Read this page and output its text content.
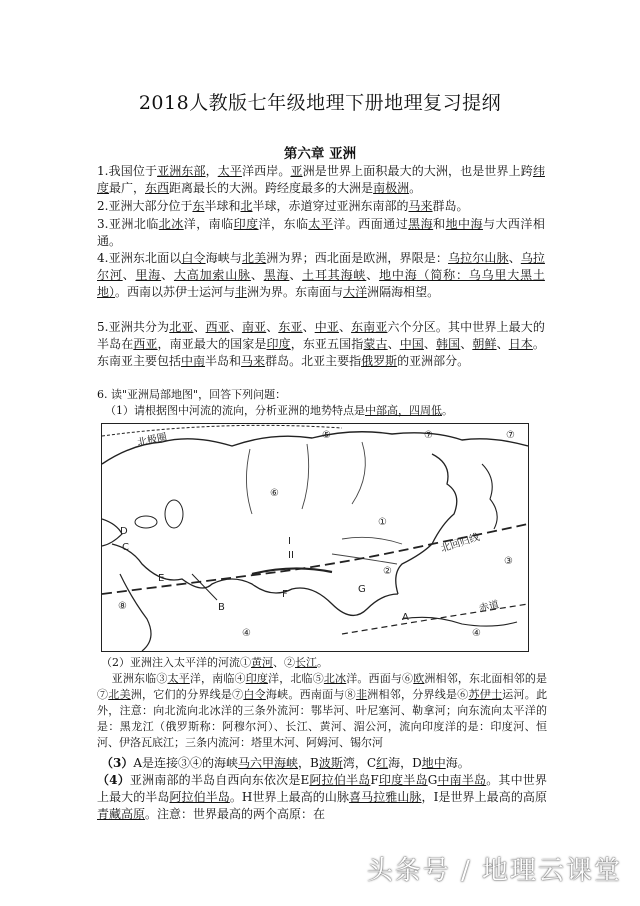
2018人教版七年级地理下册地理复习提纲
第六章 亚洲
1.我国位于亚洲东部，太平洋西岸。亚洲是世界上面积最大的大洲，也是世界上跨纬度最广，东西距离最长的大洲。跨经度最多的大洲是南极洲。
2.亚洲大部分位于东半球和北半球，赤道穿过亚洲东南部的马来群岛。
3.亚洲北临北冰洋，南临印度洋，东临太平洋。西面通过黑海和地中海与大西洋相通。
4.亚洲东北面以白令海峡与北美洲为界；西北面是欧洲，界限是：乌拉尔山脉、乌拉尔河、里海、大高加索山脉、黑海、土耳其海峡、地中海（简称：乌乌里大黑土地）。西南以苏伊士运河与非洲为界。东南面与大洋洲隔海相望。
5.亚洲共分为北亚、西亚、南亚、东亚、中亚、东南亚六个分区。其中世界上最大的半岛在西亚，南亚最大的国家是印度，东亚五国指蒙古、中国、韩国、朝鲜、日本。东南亚主要包括中南半岛和马来群岛。北亚主要指俄罗斯的亚洲部分。
6. 读"亚洲局部地图"，回答下列问题：
（1）请根据图中河流的流向，分析亚洲的地势特点是中部高，四周低。
北极圈
北回归线
赤道
①
②
③
④	④
⑤
⑥
⑦	⑦
⑧
A
B
C
D
E
F	G
I
II
（2）亚洲注入太平洋的河流①黄河、②长江。
亚洲东临③太平洋，南临④印度洋，北临⑤北冰洋。西面与⑥欧洲相邻，东北面相邻的是⑦北美洲，它们的分界线是⑦白令海峡。西南面与⑧非洲相邻，分界线是⑥苏伊士运河。此外，注意：向北流向北冰洋的三条外流河：鄂毕河、叶尼塞河、勒拿河；向东流向太平洋的是：黑龙江（俄罗斯称：阿穆尔河）、长江、黄河、湄公河，流向印度洋的是：印度河、恒河、伊洛瓦底江；三条内流河：塔里木河、阿姆河、锡尔河
（3）A是连接③④的海峡马六甲海峡，B波斯湾，C红海，D地中海。
（4）亚洲南部的半岛自西向东依次是E阿拉伯半岛F印度半岛G中南半岛。其中世界上最大的半岛阿拉伯半岛。H世界上最高的山脉喜马拉雅山脉，I是世界上最高的高原青藏高原。注意：世界最高的两个高原：在
头条号 / 地理云课堂
